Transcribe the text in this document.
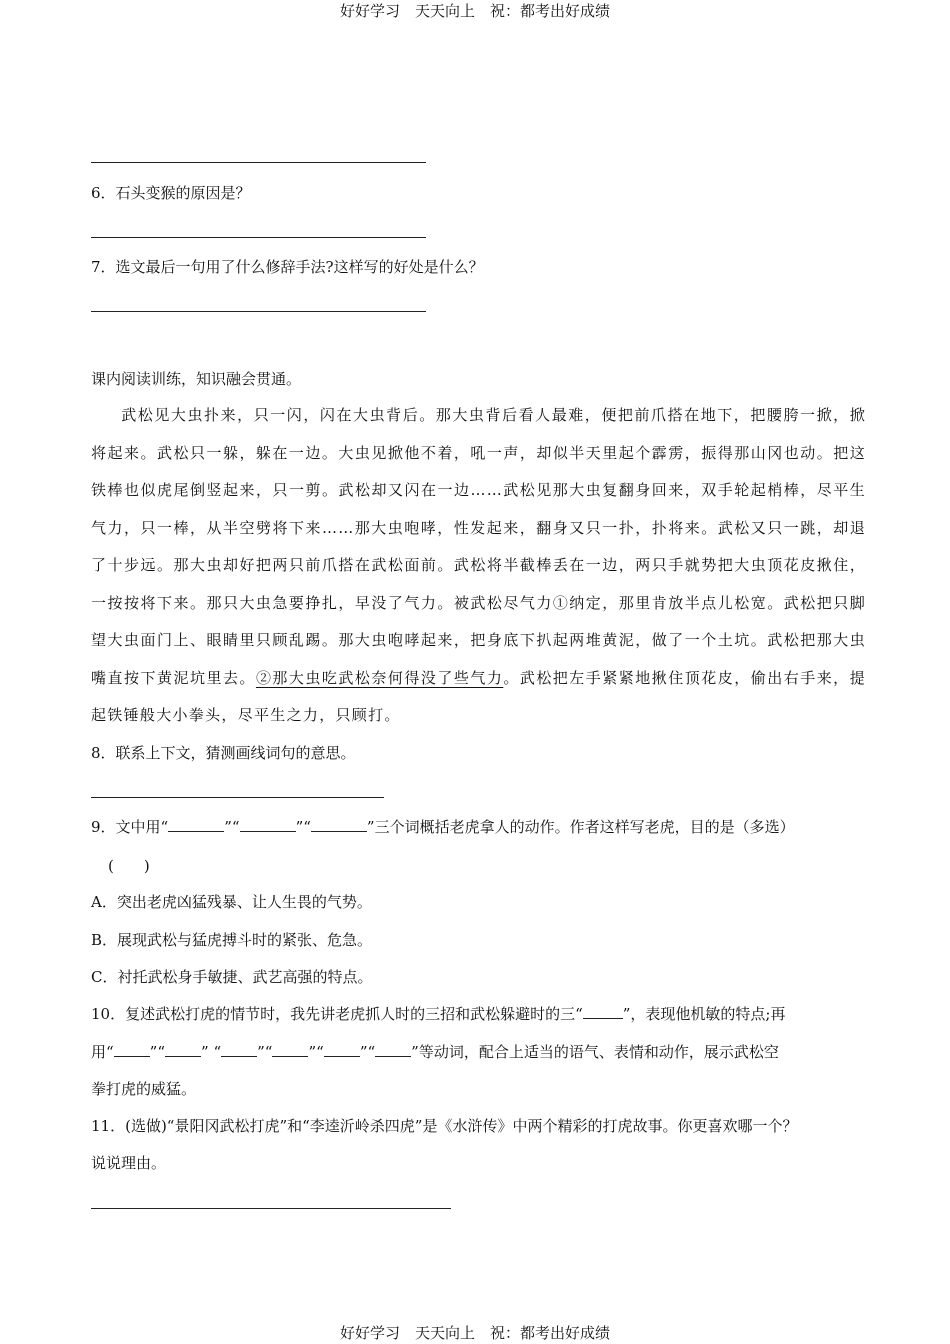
好好学习　天天向上　祝：都考出好成绩
6．石头变猴的原因是？
7．选文最后一句用了什么修辞手法?这样写的好处是什么？
课内阅读训练，知识融会贯通。
武松见大虫扑来，只一闪，闪在大虫背后。那大虫背后看人最难，便把前爪搭在地下，把腰胯一掀，掀将起来。武松只一躲，躲在一边。大虫见掀他不着，吼一声，却似半天里起个霹雳，振得那山冈也动。把这铁棒也似虎尾倒竖起来，只一剪。武松却又闪在一边……武松见那大虫复翻身回来，双手轮起梢棒，尽平生气力，只一棒，从半空劈将下来……那大虫咆哮，性发起来，翻身又只一扑，扑将来。武松又只一跳，却退了十步远。那大虫却好把两只前爪搭在武松面前。武松将半截棒丢在一边，两只手就势把大虫顶花皮揪住，一按按将下来。那只大虫急要挣扎，早没了气力。被武松尽气力①纳定，那里肯放半点儿松宽。武松把只脚望大虫面门上、眼睛里只顾乱踢。那大虫咆哮起来，把身底下扒起两堆黄泥，做了一个土坑。武松把那大虫嘴直按下黄泥坑里去。②那大虫吃武松奈何得没了些气力。武松把左手紧紧地揪住顶花皮，偷出右手来，提起铁锤般大小拳头，尽平生之力，只顾打。
8．联系上下文，猜测画线词句的意思。
9．文中用“	”“	”“	”三个词概括老虎拿人的动作。作者这样写老虎，目的是（多选）
(　　)
A．突出老虎凶猛残暴、让人生畏的气势。
B．展现武松与猛虎搏斗时的紧张、危急。
C．衬托武松身手敏捷、武艺高强的特点。
10．复述武松打虎的情节时，我先讲老虎抓人时的三招和武松躲避时的三“	”，表现他机敏的特点;再
用“ ”“ ” “ ”“ ”“ ”“ ”等动词，配合上适当的语气、表情和动作，展示武松空
拳打虎的威猛。
11．(选做)“景阳冈武松打虎”和“李逵沂岭杀四虎”是《水浒传》中两个精彩的打虎故事。你更喜欢哪一个？
说说理由。
好好学习　天天向上　祝：都考出好成绩
